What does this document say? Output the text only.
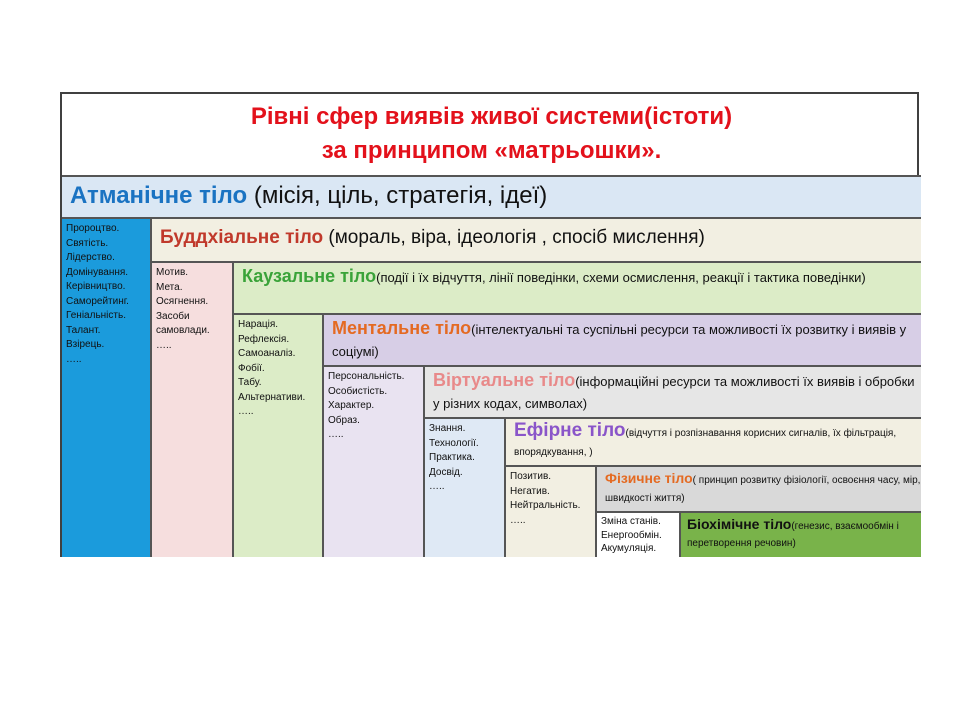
Рівні сфер виявів живої системи(істоти)
за принципом «матрьошки».
Атманічне тіло (місія, ціль, стратегія, ідеї)
Пророцтво.
Святість.
Лідерство.
Домінування.
Керівництво.
Саморейтинг.
Геніальність.
Талант.
Взірець.
…..
Буддхіальне тіло (мораль, віра, ідеологія , спосіб мислення)
Мотив.
Мета.
Осягнення.
Засоби
самовлади.
…..
Каузальне тіло(події і їх відчуття, лінії поведінки, схеми осмислення, реакції і тактика поведінки)
Нарація.
Рефлексія.
Самоаналіз.
Фобії.
Табу.
Альтернативи.
…..
Ментальне тіло(інтелектуальні та суспільні ресурси та можливості їх розвитку і виявів у соціумі)
Персональність.
Особистість.
Характер.
Образ.
…..
Віртуальне тіло(інформаційні ресурси та можливості їх виявів і обробки у різних кодах, символах)
Знання.
Технології.
Практика.
Досвід.
…..
Ефірне тіло(відчуття і розпізнавання корисних сигналів, їх фільтрація, впорядкування, )
Позитив.
Негатив.
Нейтральність.
…..
Фізичне тіло( принцип розвитку фізіології, освоєння часу, мір, швидкості життя)
Зміна станів.
Енергообмін.
Акумуляція.
Біохімічне тіло(генезис, взаємообмін і перетворення речовин)
